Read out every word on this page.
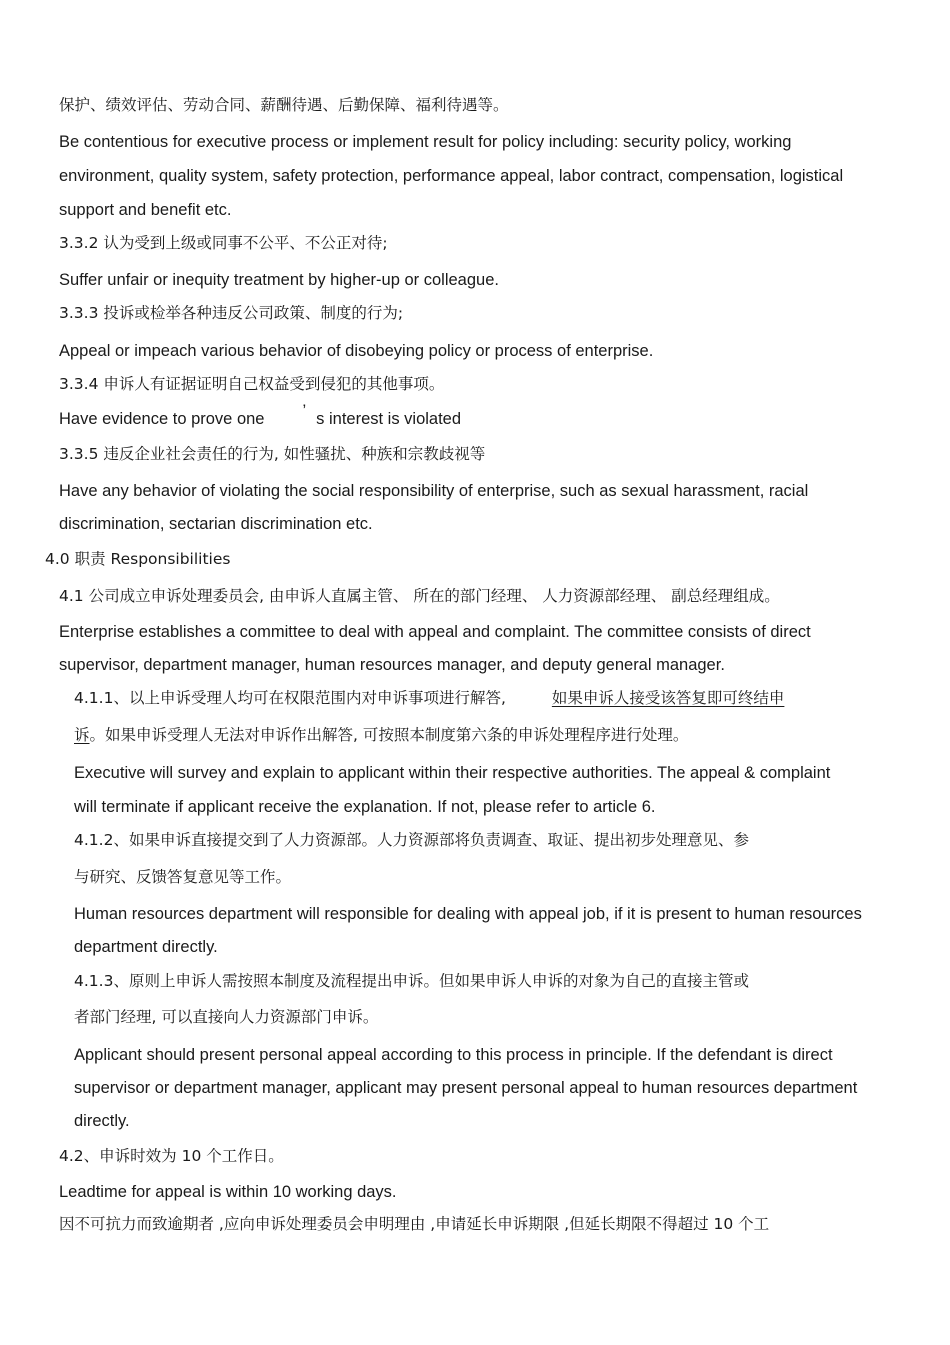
保护、绩效评估、劳动合同、薪酬待遇、后勤保障、福利待遇等。
Be contentious for executive process or implement result for policy including: security policy, working
environment, quality system, safety protection, performance appeal, labor contract, compensation, logistical
support and benefit etc.
3.3.2 认为受到上级或同事不公平、不公正对待;
Suffer unfair or inequity treatment by higher-up or colleague.
3.3.3 投诉或检举各种违反公司政策、制度的行为;
Appeal or impeach various behavior of disobeying policy or process of enterprise.
3.3.4 申诉人有证据证明自己权益受到侵犯的其他事项。
Have evidence to prove one ’ s interest is violated
3.3.5 违反企业社会责任的行为, 如性骚扰、种族和宗教歧视等
Have any behavior of violating the social responsibility of enterprise, such as sexual harassment, racial
discrimination, sectarian discrimination etc.
4.0 职责 Responsibilities
4.1 公司成立申诉处理委员会, 由申诉人直属主管、 所在的部门经理、 人力资源部经理、 副总经理组成。
Enterprise establishes a committee to deal with appeal and complaint. The committee consists of direct
supervisor, department manager, human resources manager, and deputy general manager.
4.1.1、以上申诉受理人均可在权限范围内对申诉事项进行解答,	如果申诉人接受该答复即可终结申
诉。如果申诉受理人无法对申诉作出解答, 可按照本制度第六条的申诉处理程序进行处理。
Executive will survey and explain to applicant within their respective authorities. The appeal & complaint
will terminate if applicant receive the explanation. If not, please refer to article 6.
4.1.2、如果申诉直接提交到了人力资源部。人力资源部将负责调查、取证、提出初步处理意见、参
与研究、反馈答复意见等工作。
Human resources department will responsible for dealing with appeal job, if it is present to human resources
department directly.
4.1.3、原则上申诉人需按照本制度及流程提出申诉。但如果申诉人申诉的对象为自己的直接主管或
者部门经理, 可以直接向人力资源部门申诉。
Applicant should present personal appeal according to this process in principle. If the defendant is direct
supervisor or department manager, applicant may present personal appeal to human resources department
directly.
4.2、申诉时效为 10 个工作日。
Leadtime for appeal is within 10 working days.
因不可抗力而致逾期者 ,应向申诉处理委员会申明理由 ,申请延长申诉期限 ,但延长期限不得超过 10 个工
